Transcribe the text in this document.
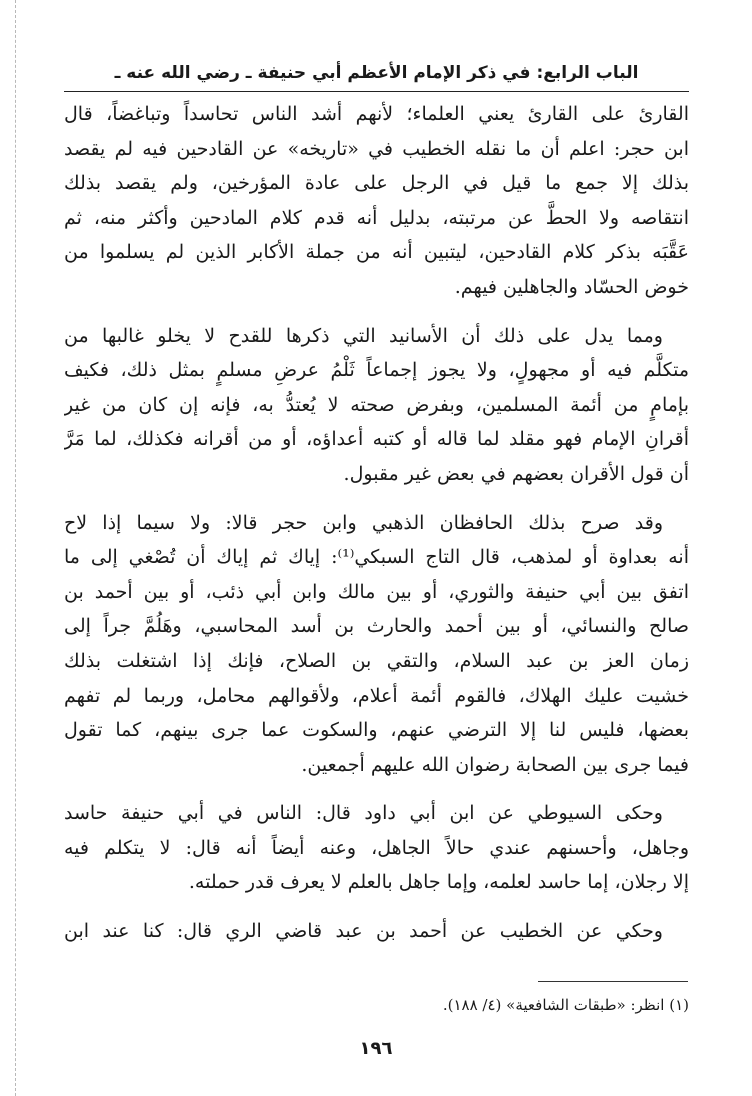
الباب الرابع: في ذكر الإمام الأعظم أبي حنيفة ـ رضي الله عنه ـ
القارئ على القارئ يعني العلماء؛ لأنهم أشد الناس تحاسداً وتباغضاً، قال
ابن حجر: اعلم أن ما نقله الخطيب في «تاريخه» عن القادحين فيه لم يقصد
بذلك إلا جمع ما قيل في الرجل على عادة المؤرخين، ولم يقصد بذلك
انتقاصه ولا الحطَّ عن مرتبته، بدليل أنه قدم كلام المادحين وأكثر منه، ثم
عَقَّبَه بذكر كلام القادحين، ليتبين أنه من جملة الأكابر الذين لم يسلموا من
خوض الحسّاد والجاهلين فيهم.
ومما يدل على ذلك أن الأسانيد التي ذكرها للقدح لا يخلو غالبها من
متكلَّم فيه أو مجهولٍ، ولا يجوز إجماعاً ثَلْمُ عرضِ مسلمٍ بمثل ذلك، فكيف
بإمامٍ من أئمة المسلمين، وبفرض صحته لا يُعتدُّ به، فإنه إن كان من غير
أقرانِ الإمام فهو مقلد لما قاله أو كتبه أعداؤه، أو من أقرانه فكذلك، لما مَرَّ
أن قول الأقران بعضهم في بعض غير مقبول.
وقد صرح بذلك الحافظان الذهبي وابن حجر قالا: ولا سيما إذا لاح
أنه بعداوة أو لمذهب، قال التاج السبكي⁽¹⁾: إياك ثم إياك أن تُصْغي إلى ما
اتفق بين أبي حنيفة والثوري، أو بين مالك وابن أبي ذئب، أو بين أحمد بن
صالح والنسائي، أو بين أحمد والحارث بن أسد المحاسبي، وهَلُمَّ جراً إلى
زمان العز بن عبد السلام، والتقي بن الصلاح، فإنك إذا اشتغلت بذلك
خشيت عليك الهلاك، فالقوم أئمة أعلام، ولأقوالهم محامل، وربما لم تفهم
بعضها، فليس لنا إلا الترضي عنهم، والسكوت عما جرى بينهم، كما تقول
فيما جرى بين الصحابة رضوان الله عليهم أجمعين.
وحكى السيوطي عن ابن أبي داود قال: الناس في أبي حنيفة حاسد
وجاهل، وأحسنهم عندي حالاً الجاهل، وعنه أيضاً أنه قال: لا يتكلم فيه
إلا رجلان، إما حاسد لعلمه، وإما جاهل بالعلم لا يعرف قدر حملته.
وحكي عن الخطيب عن أحمد بن عبد قاضي الري قال: كنا عند ابن
(١) انظر: «طبقات الشافعية» (٤/ ١٨٨).
١٩٦
